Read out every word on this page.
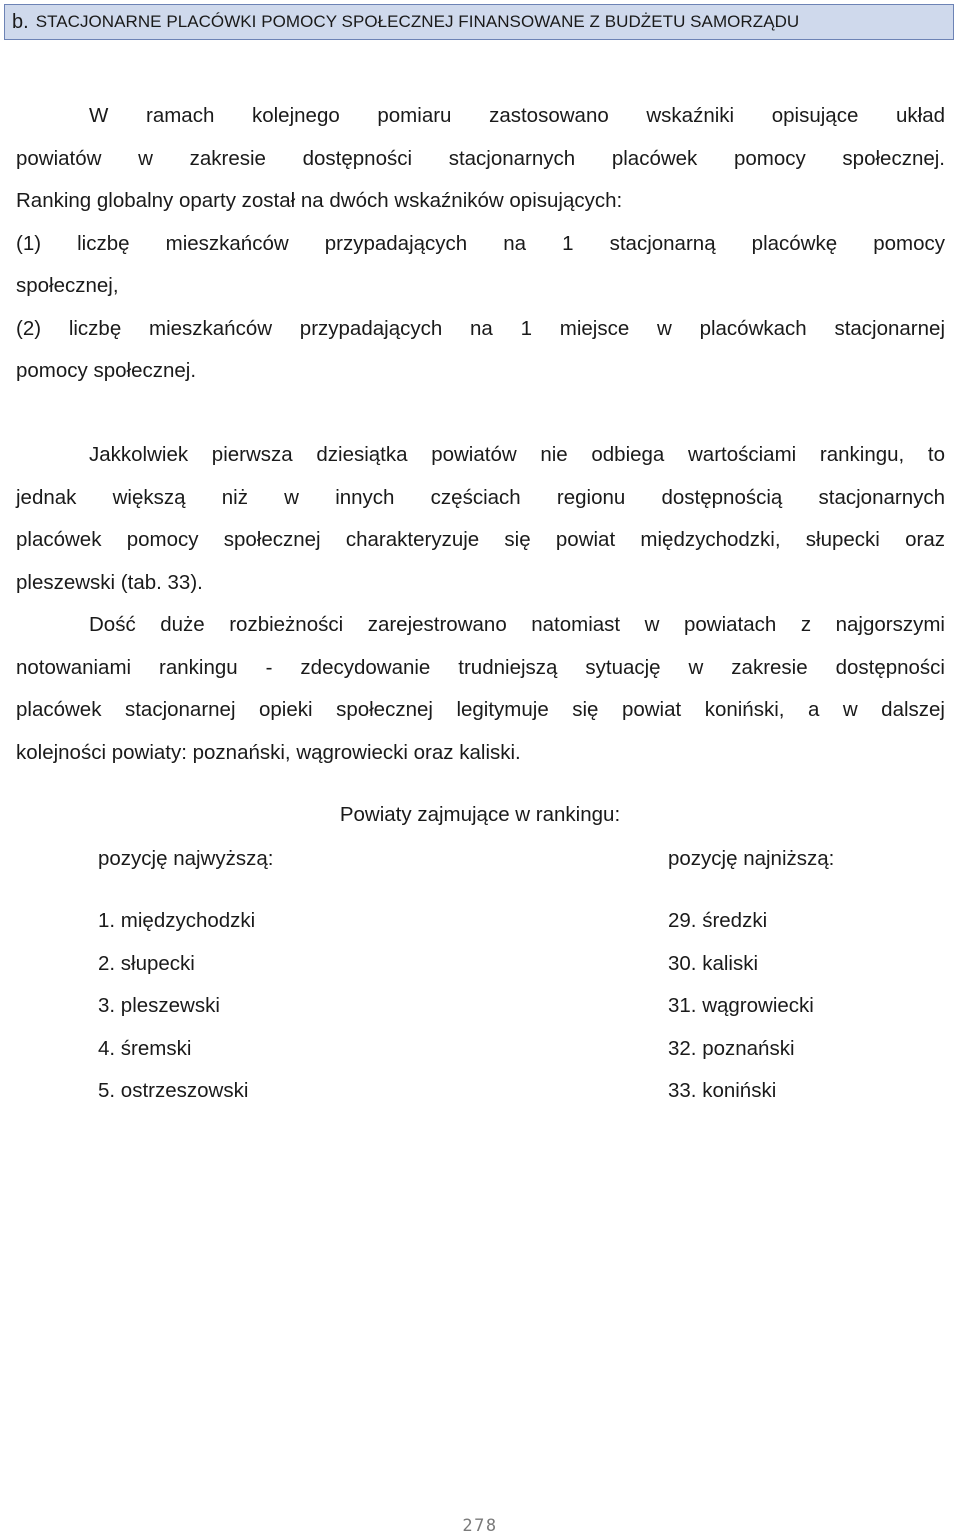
b. STACJONARNE PLACÓWKI POMOCY SPOŁECZNEJ FINANSOWANE Z BUDŻETU SAMORZĄDU
W ramach kolejnego pomiaru zastosowano wskaźniki opisujące układ
powiatów w zakresie dostępności stacjonarnych placówek pomocy społecznej.
Ranking globalny oparty został na dwóch wskaźników opisujących:
(1) liczbę mieszkańców przypadających na 1 stacjonarną placówkę pomocy
społecznej,
(2) liczbę mieszkańców przypadających na 1 miejsce w placówkach stacjonarnej
pomocy społecznej.
Jakkolwiek pierwsza dziesiątka powiatów nie odbiega wartościami rankingu, to
jednak większą niż w innych częściach regionu dostępnością stacjonarnych
placówek pomocy społecznej charakteryzuje się powiat międzychodzki, słupecki oraz
pleszewski (tab. 33).
Dość duże rozbieżności zarejestrowano natomiast w powiatach z najgorszymi
notowaniami rankingu - zdecydowanie trudniejszą sytuację w zakresie dostępności
placówek stacjonarnej opieki społecznej legitymuje się powiat koniński, a w dalszej
kolejności powiaty: poznański, wągrowiecki oraz kaliski.
Powiaty zajmujące w rankingu:
pozycję najwyższą:	pozycję najniższą:
1. międzychodzki
2. słupecki
3. pleszewski
4. śremski
5. ostrzeszowski
29. średzki
30. kaliski
31. wągrowiecki
32. poznański
33. koniński
278
